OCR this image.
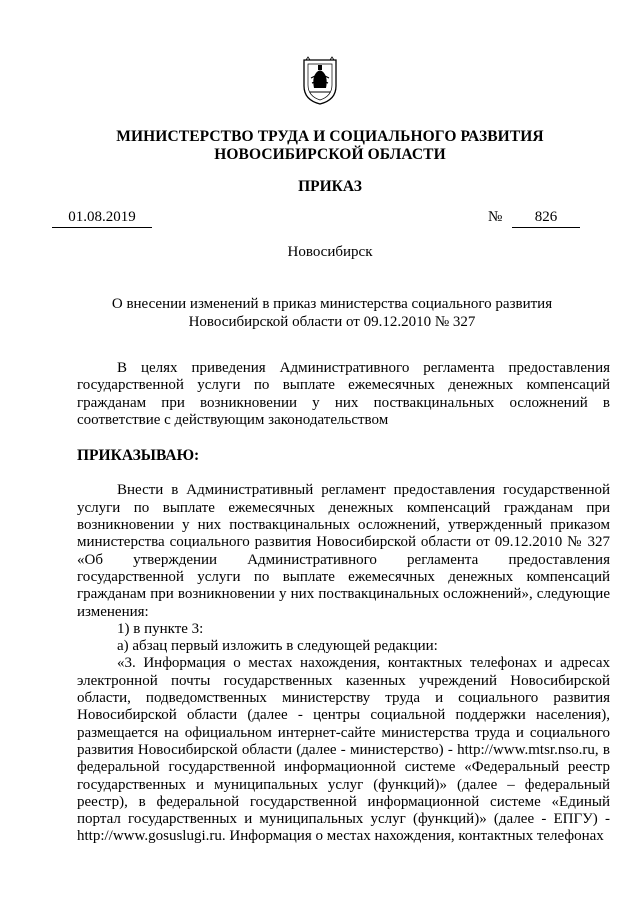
МИНИСТЕРСТВО ТРУДА И СОЦИАЛЬНОГО РАЗВИТИЯ
НОВОСИБИРСКОЙ ОБЛАСТИ
ПРИКАЗ
01.08.2019	№	826
Новосибирск
О внесении изменений в приказ министерства социального развития
Новосибирской области от 09.12.2010 № 327

В целях приведения Административного регламента предоставления государственной услуги по выплате ежемесячных денежных компенсаций гражданам при возникновении у них поствакцинальных осложнений в соответствие с действующим законодательством

ПРИКАЗЫВАЮ:

Внести в Административный регламент предоставления государственной услуги по выплате ежемесячных денежных компенсаций гражданам при возникновении у них поствакцинальных осложнений, утвержденный приказом министерства социального развития Новосибирской области от 09.12.2010 № 327 «Об утверждении Административного регламента предоставления государственной услуги по выплате ежемесячных денежных компенсаций гражданам при возникновении у них поствакцинальных осложнений», следующие изменения:

1) в пункте 3:

а) абзац первый изложить в следующей редакции:

«3. Информация о местах нахождения, контактных телефонах и адресах электронной почты государственных казенных учреждений Новосибирской области, подведомственных министерству труда и социального развития Новосибирской области (далее - центры социальной поддержки населения), размещается на официальном интернет-сайте министерства труда и социального развития Новосибирской области (далее - министерство) - http://www.mtsr.nso.ru, в федеральной государственной информационной системе «Федеральный реестр государственных и муниципальных услуг (функций)» (далее – федеральный реестр), в федеральной государственной информационной системе «Единый портал государственных и муниципальных услуг (функций)» (далее - ЕПГУ) - http://www.gosuslugi.ru. Информация о местах нахождения, контактных телефонах
